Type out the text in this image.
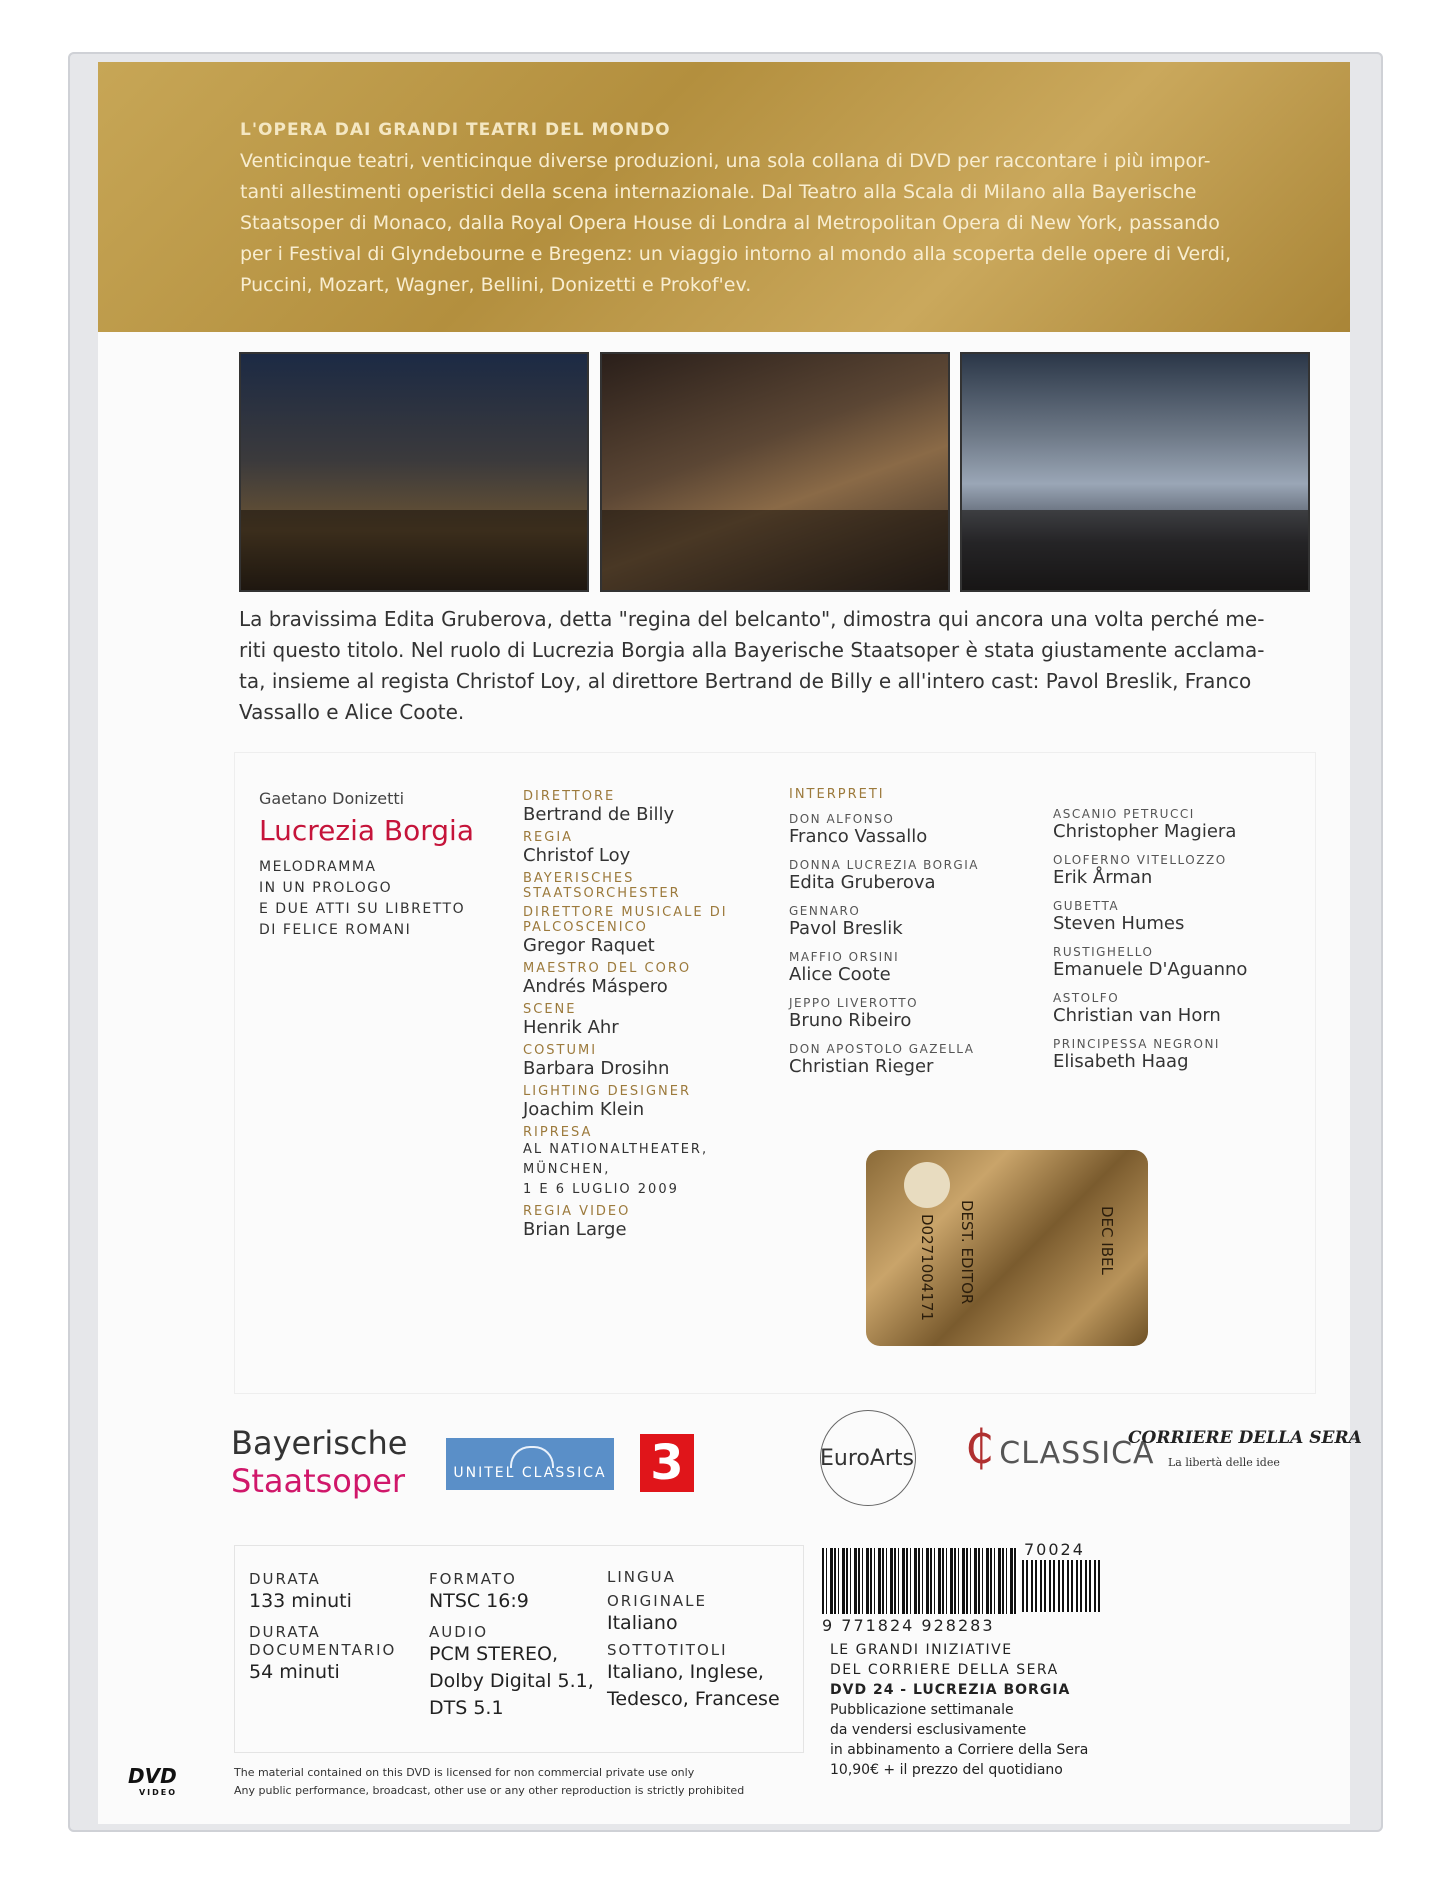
L'OPERA DAI GRANDI TEATRI DEL MONDO
Venticinque teatri, venticinque diverse produzioni, una sola collana di DVD per raccontare i più impor-
tanti allestimenti operistici della scena internazionale. Dal Teatro alla Scala di Milano alla Bayerische
Staatsoper di Monaco, dalla Royal Opera House di Londra al Metropolitan Opera di New York, passando
per i Festival di Glyndebourne e Bregenz: un viaggio intorno al mondo alla scoperta delle opere di Verdi,
Puccini, Mozart, Wagner, Bellini, Donizetti e Prokof'ev.
La bravissima Edita Gruberova, detta "regina del belcanto", dimostra qui ancora una volta perché me-
riti questo titolo. Nel ruolo di Lucrezia Borgia alla Bayerische Staatsoper è stata giustamente acclama-
ta, insieme al regista Christof Loy, al direttore Bertrand de Billy e all'intero cast: Pavol Breslik, Franco
Vassallo e Alice Coote.
Gaetano Donizetti
Lucrezia Borgia
MELODRAMMA
IN UN PROLOGO
E DUE ATTI SU LIBRETTO
DI FELICE ROMANI
DIRETTORE
Bertrand de Billy
REGIA
Christof Loy
BAYERISCHES STAATSORCHESTER
DIRETTORE MUSICALE DI PALCOSCENICO
Gregor Raquet
MAESTRO DEL CORO
Andrés Máspero
SCENE
Henrik Ahr
COSTUMI
Barbara Drosihn
LIGHTING DESIGNER
Joachim Klein
RIPRESA
AL NATIONALTHEATER,
MÜNCHEN,
1 E 6 LUGLIO 2009
REGIA VIDEO
Brian Large
INTERPRETI
DON ALFONSO
Franco Vassallo
DONNA LUCREZIA BORGIA
Edita Gruberova
GENNARO
Pavol Breslik
MAFFIO ORSINI
Alice Coote
JEPPO LIVEROTTO
Bruno Ribeiro
DON APOSTOLO GAZELLA
Christian Rieger
ASCANIO PETRUCCI
Christopher Magiera
OLOFERNO VITELLOZZO
Erik Årman
GUBETTA
Steven Humes
RUSTIGHELLO
Emanuele D'Aguanno
ASTOLFO
Christian van Horn
PRINCIPESSA NEGRONI
Elisabeth Haag
D0271004171 DEST. EDITOR	DEC IBEL
Bayerische
Staatsoper	UNITEL CLASSICA 3	EuroArts	₵ CLASSICA
CORRIERE DELLA SERA
La libertà delle idee
DURATA
133 minuti
DURATA
DOCUMENTARIO
54 minuti
FORMATO
NTSC 16:9
AUDIO
PCM STEREO,
Dolby Digital 5.1,
DTS 5.1
LINGUA
ORIGINALE
Italiano
SOTTOTITOLI
Italiano, Inglese,
Tedesco, Francese
70024
9 771824 928283
LE GRANDI INIZIATIVE
DEL CORRIERE DELLA SERA
DVD 24 - LUCREZIA BORGIA
Pubblicazione settimanale
da vendersi esclusivamente
in abbinamento a Corriere della Sera
10,90€ + il prezzo del quotidiano
DVD
VIDEO
The material contained on this DVD is licensed for non commercial private use only
Any public performance, broadcast, other use or any other reproduction is strictly prohibited
